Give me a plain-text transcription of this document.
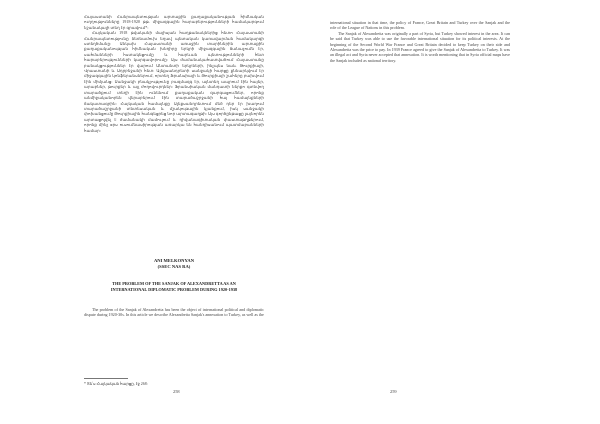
Հայաստանի Հանրապետության արտաքին քաղաքականության հիմնական ուղղությունները 1918-1920 թթ. միջազգային հարաբերությունների համակարգում նշանակալի տեղ էր գրավում*:

Հայկական 1918 թվականի մայիսյան հաղթանակներից հետո Հայաստանի Հանրապետությունը ձեռնամուխ եղավ պետական կառավարման համակարգի ստեղծմանը: Անկախ Հայաստանի առաջին տարիներին արտաքին քաղաքականության հիմնական խնդիրը երկրի միջազգային ճանաչումն էր, սահմանների հստակեցումը և հարևան պետությունների հետ հարաբերությունների կարգավորումը: Այս ժամանակահատվածում Հայաստանը բանակցություններ էր վարում Անտանտի երկրների, ինչպես նաև Թուրքիայի, Վրաստանի և Ադրբեջանի հետ: Ալեքսանդրետի սանջակի հարցը քննարկվում էր միջազգային կոնֆերանսներում, որտեղ Ֆրանսիայի և Թուրքիայի շահերը բախվում էին միմյանց: Սանջակի բնակչությունը բազմազգ էր, այնտեղ ապրում էին հայեր, արաբներ, թուրքեր և այլ ժողովուրդներ: Ֆրանսիական մանդատի ներքո գտնվող տարածքում տեղի էին ունենում քաղաքական զարգացումներ, որոնք անմիջականորեն վերաբերում էին տարածաշրջանի հայ համայնքների ճակատագրին: Հայկական համայնքը Ալեքսանդրետում մեծ դեր էր խաղում տարածաշրջանի տնտեսական և մշակութային կյանքում, իսկ սանջակի փոխանցումը Թուրքիային հանգեցրեց նոր արտագաղթի: Այս գործընթացը լայնորեն արտացոլվել է ժամանակի մամուլում և դիվանագիտական փաստաթղթերում, որոնք մինչ օրս ուսումնասիրության առարկա են հանդիսանում պատմաբանների համար:

ANI MELKONYAN
(SSEC NAS RA)

THE PROBLEM OF THE SANJAK OF ALEXANDRETTA AS AN

INTERNATIONAL DIPLOMATIC PROBLEM DURING 1920-1938

The problem of the Sanjak of Alexandretta has been the object of international political and diplomatic dispute during 1920-30s. In this article we describe Alexandretta Sanjak's annexation to Turkey, as well as the

* Տե՛ս Հայկական հարցը, էջ 268:
258	259

international situation in that time, the policy of France, Great Britain and Turkey over the Sanjak and the role of the League of Nations in this problem.

The Sanjak of Alexandretta was originally a part of Syria, but Turkey showed interest in the area. It can be said that Turkey was able to use the favorable international situation for its political interests. At the beginning of the Second World War France and Great Britain decided to keep Turkey on their side and Alexandretta was the price to pay. In 1939 France agreed to give the Sanjak of Alexandretta to Turkey. It was an illegal act and Syria never accepted that annexation. It is worth mentioning that in Syria official maps have the Sanjak included as national territory.
